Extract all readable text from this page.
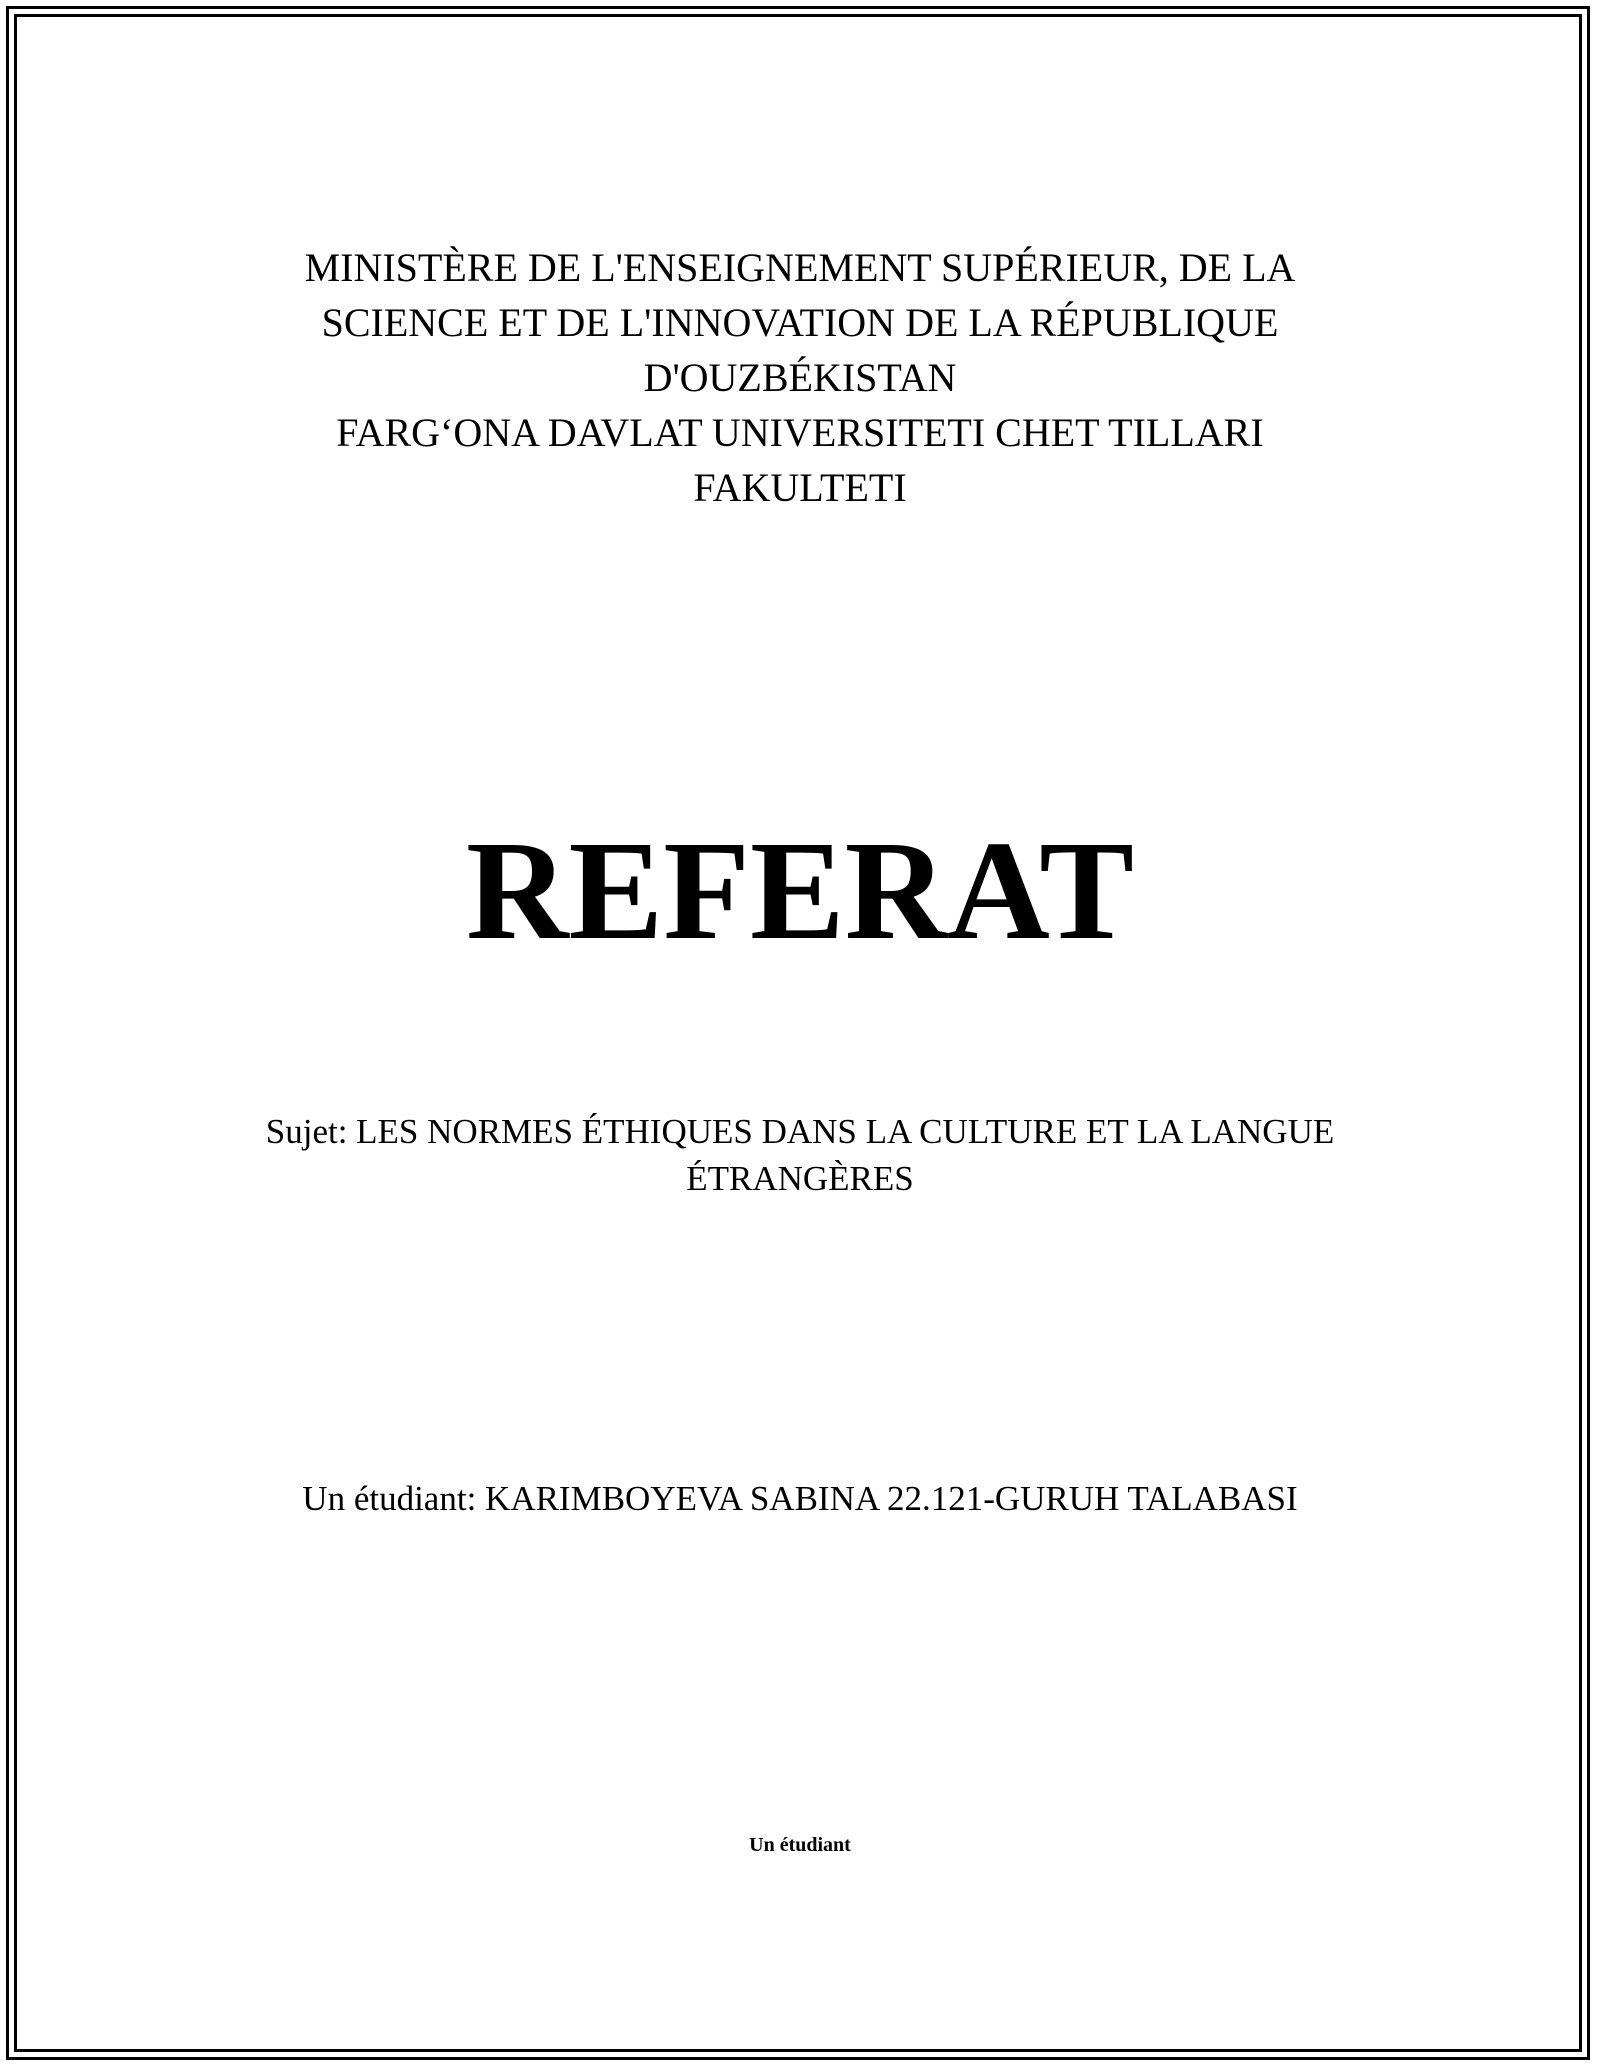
MINISTÈRE DE L'ENSEIGNEMENT SUPÉRIEUR, DE LA
SCIENCE ET DE L'INNOVATION DE LA RÉPUBLIQUE
D'OUZBÉKISTAN
FARG‘ONA DAVLAT UNIVERSITETI CHET TILLARI
FAKULTETI
REFERAT
Sujet: LES NORMES ÉTHIQUES DANS LA CULTURE ET LA LANGUE
ÉTRANGÈRES
Un étudiant: KARIMBOYEVA SABINA 22.121-GURUH TALABASI
Un étudiant
